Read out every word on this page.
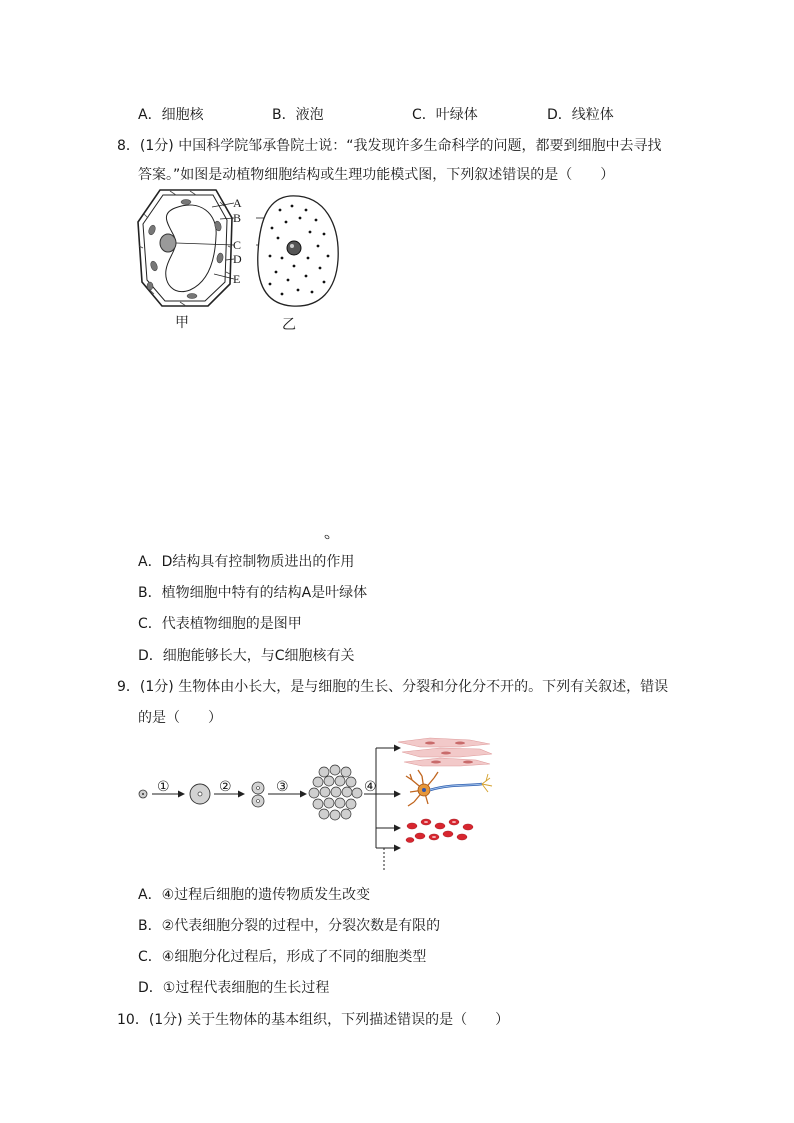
A．细胞核	B．液泡	C．叶绿体	D．线粒体
8．(1分) 中国科学院邹承鲁院士说：“我发现许多生命科学的问题，都要到细胞中去寻找
答案。”如图是动植物细胞结构或生理功能模式图，下列叙述错误的是（　　）
A
B
C
D
E
甲	乙
A．D结构具有控制物质进出的作用
B．植物细胞中特有的结构A是叶绿体
C．代表植物细胞的是图甲
D．细胞能够长大，与C细胞核有关
9．(1分) 生物体由小长大，是与细胞的生长、分裂和分化分不开的。下列有关叙述，错误
的是（　　）
①	②	③	④
A．④过程后细胞的遗传物质发生改变
B．②代表细胞分裂的过程中，分裂次数是有限的
C．④细胞分化过程后，形成了不同的细胞类型
D．①过程代表细胞的生长过程
10．(1分) 关于生物体的基本组织，下列描述错误的是（　　）
